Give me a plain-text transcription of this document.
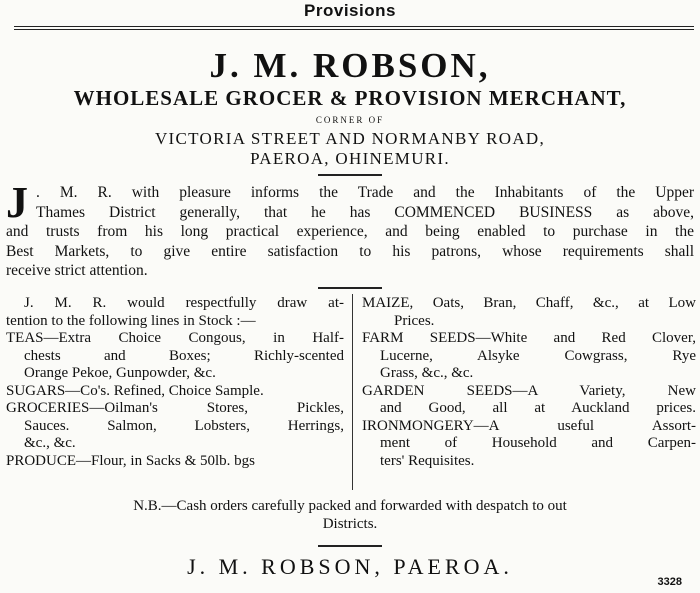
Provisions
J. M. ROBSON,
WHOLESALE GROCER & PROVISION MERCHANT,
CORNER OF
VICTORIA STREET AND NORMANBY ROAD,
PAEROA, OHINEMURI.
J . M. R. with pleasure informs the Trade and the Inhabitants of the Upper
Thames District generally, that he has COMMENCED BUSINESS as above,
and trusts from his long practical experience, and being enabled to purchase in the
Best Markets, to give entire satisfaction to his patrons, whose requirements shall
receive strict attention.
J. M. R. would respectfully draw at-
tention to the following lines in Stock :—
TEAS—Extra Choice Congous, in Half-
chests and Boxes; Richly-scented
Orange Pekoe, Gunpowder, &c.
SUGARS—Co's. Refined, Choice Sample.
GROCERIES—Oilman's Stores, Pickles,
Sauces. Salmon, Lobsters, Herrings,
&c., &c.
PRODUCE—Flour, in Sacks & 50lb. bgs
MAIZE, Oats, Bran, Chaff, &c., at Low
Prices.
FARM SEEDS—White and Red Clover,
Lucerne, Alsyke Cowgrass, Rye
Grass, &c., &c.
GARDEN SEEDS—A Variety, New
and Good, all at Auckland prices.
IRONMONGERY—A useful Assort-
ment of Household and Carpen-
ters' Requisites.
N.B.—Cash orders carefully packed and forwarded with despatch to out
Districts.
J. M. ROBSON, PAEROA.
3328
